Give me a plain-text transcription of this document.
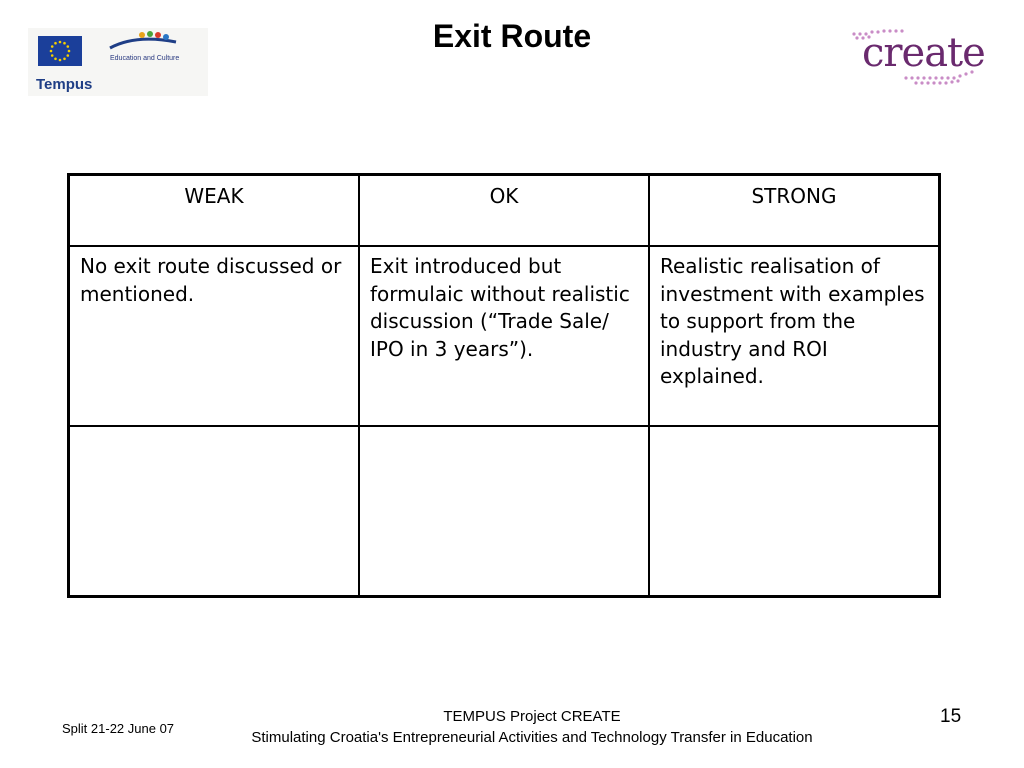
Education and Culture
Tempus
Exit Route	create
WEAK	OK	STRONG
No exit route discussed or mentioned.	Exit introduced but formulaic without realistic discussion (“Trade Sale/ IPO in 3 years”).	Realistic realisation of investment with examples to support from the industry and ROI explained.

Split 21-22 June 07
TEMPUS Project CREATE
Stimulating Croatia's Entrepreneurial Activities and Technology Transfer in Education
15
